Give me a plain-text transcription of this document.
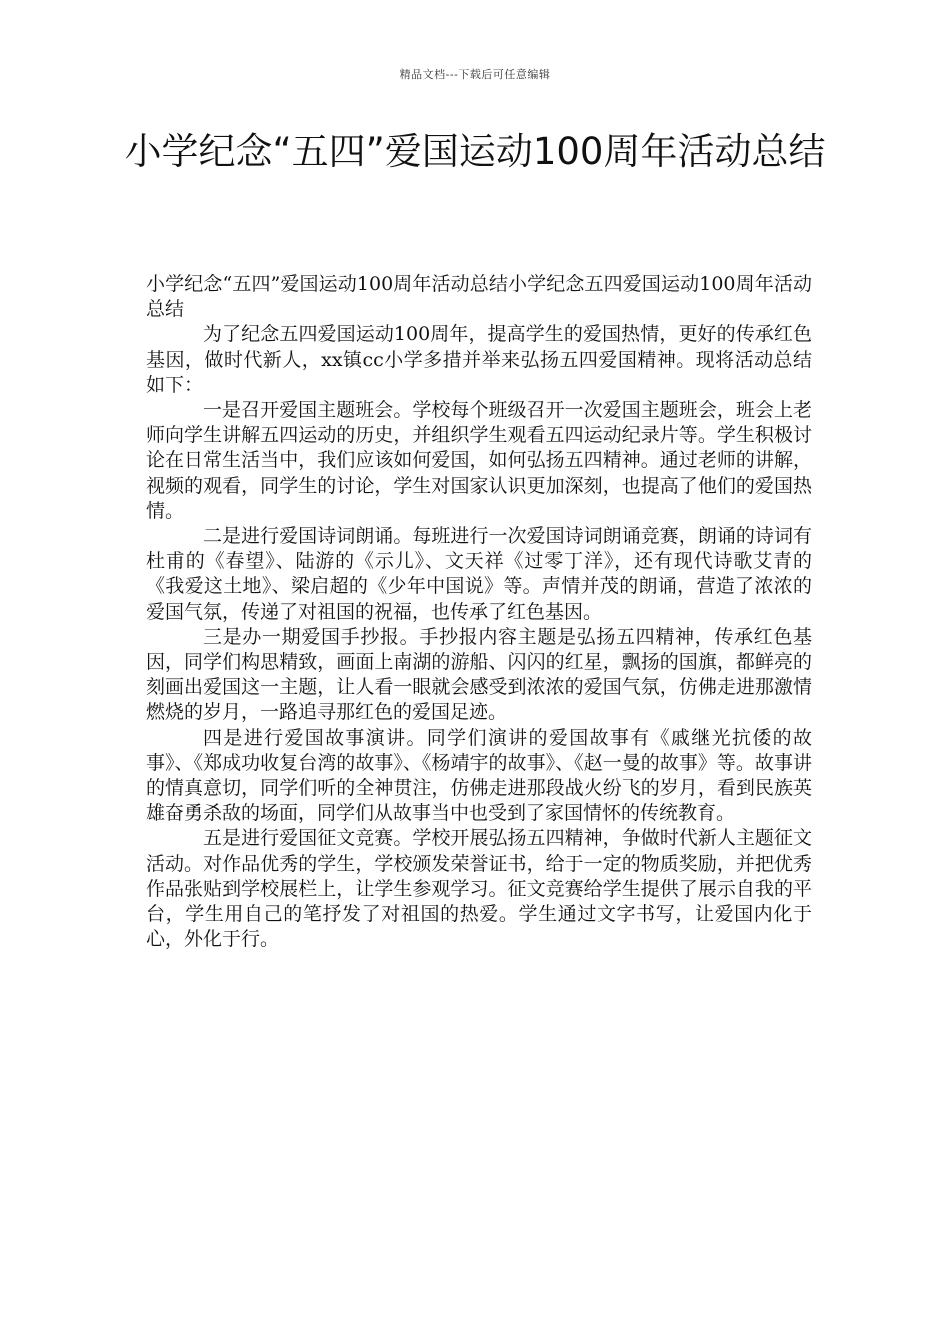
精品文档---下载后可任意编辑
小学纪念“五四”爱国运动100周年活动总结

小学纪念“五四”爱国运动100周年活动总结小学纪念五四爱国运动100周年活动总结

为了纪念五四爱国运动100周年，提高学生的爱国热情，更好的传承红色基因，做时代新人，xx镇cc小学多措并举来弘扬五四爱国精神。现将活动总结如下：

一是召开爱国主题班会。学校每个班级召开一次爱国主题班会，班会上老师向学生讲解五四运动的历史，并组织学生观看五四运动纪录片等。学生积极讨论在日常生活当中，我们应该如何爱国，如何弘扬五四精神。通过老师的讲解，视频的观看，同学生的讨论，学生对国家认识更加深刻，也提高了他们的爱国热情。

二是进行爱国诗词朗诵。每班进行一次爱国诗词朗诵竞赛，朗诵的诗词有杜甫的《春望》、陆游的《示儿》、文天祥《过零丁洋》，还有现代诗歌艾青的《我爱这土地》、梁启超的《少年中国说》等。声情并茂的朗诵，营造了浓浓的爱国气氛，传递了对祖国的祝福，也传承了红色基因。

三是办一期爱国手抄报。手抄报内容主题是弘扬五四精神，传承红色基因，同学们构思精致，画面上南湖的游船、闪闪的红星，飘扬的国旗，都鲜亮的刻画出爱国这一主题，让人看一眼就会感受到浓浓的爱国气氛，仿佛走进那激情燃烧的岁月，一路追寻那红色的爱国足迹。

四是进行爱国故事演讲。同学们演讲的爱国故事有《戚继光抗倭的故事》、《郑成功收复台湾的故事》、《杨靖宇的故事》、《赵一曼的故事》等。故事讲的情真意切，同学们听的全神贯注，仿佛走进那段战火纷飞的岁月，看到民族英雄奋勇杀敌的场面，同学们从故事当中也受到了家国情怀的传统教育。

五是进行爱国征文竞赛。学校开展弘扬五四精神，争做时代新人主题征文活动。对作品优秀的学生，学校颁发荣誉证书，给于一定的物质奖励，并把优秀作品张贴到学校展栏上，让学生参观学习。征文竞赛给学生提供了展示自我的平台，学生用自己的笔抒发了对祖国的热爱。学生通过文字书写，让爱国内化于心，外化于行。
